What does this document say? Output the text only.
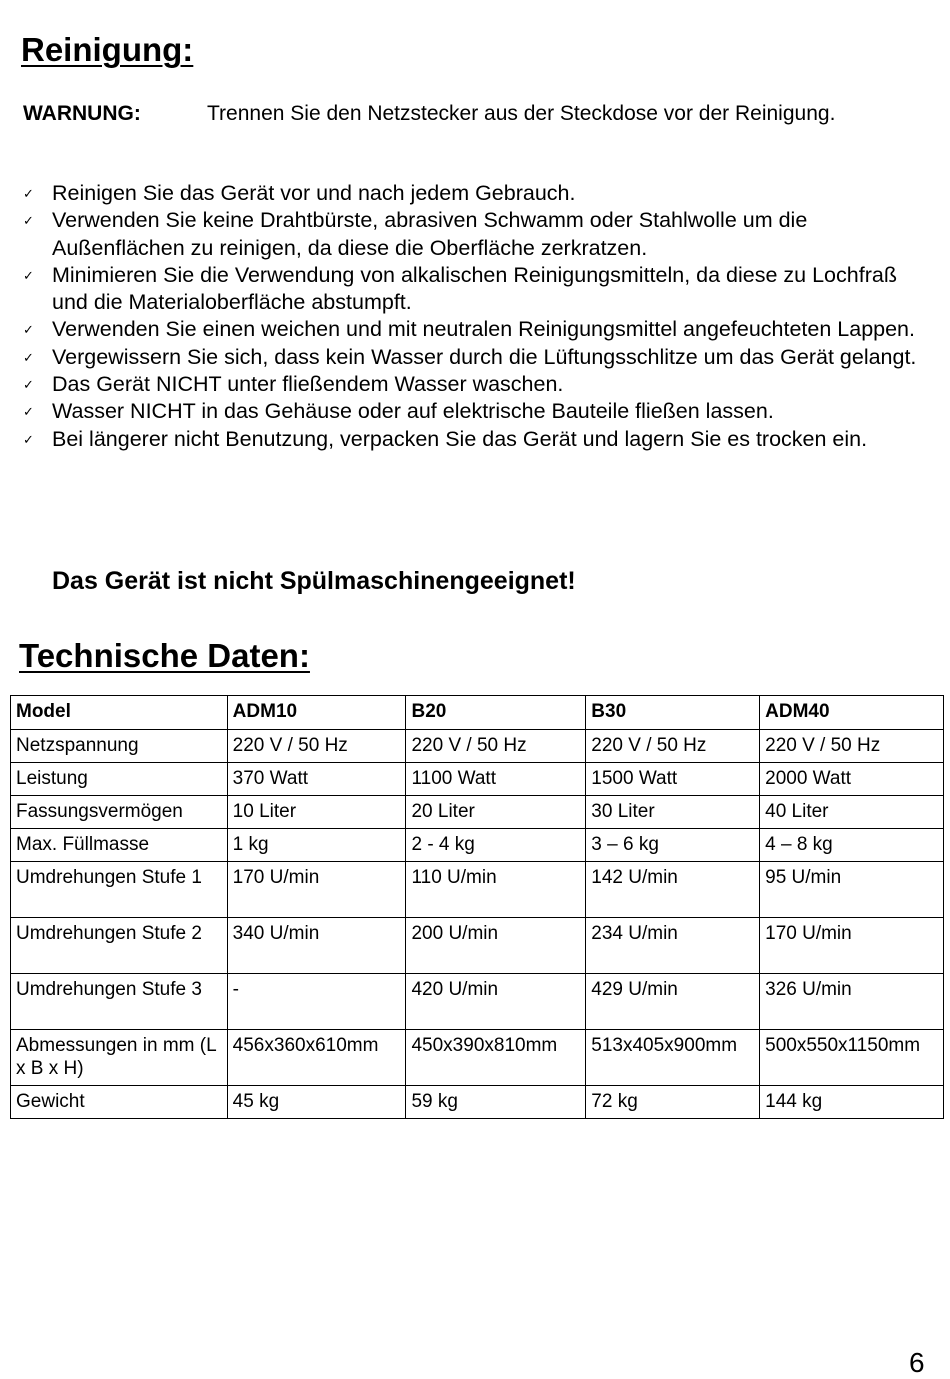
Reinigung:
WARNUNG:	Trennen Sie den Netzstecker aus der Steckdose vor der Reinigung.
✓ Reinigen Sie das Gerät vor und nach jedem Gebrauch.
✓ Verwenden Sie keine Drahtbürste, abrasiven Schwamm oder Stahlwolle um die Außenflächen zu reinigen, da diese die Oberfläche zerkratzen.
✓ Minimieren Sie die Verwendung von alkalischen Reinigungsmitteln, da diese zu Lochfraß und die Materialoberfläche abstumpft.
✓ Verwenden Sie einen weichen und mit neutralen Reinigungsmittel angefeuchteten Lappen.
✓ Vergewissern Sie sich, dass kein Wasser durch die Lüftungsschlitze um das Gerät gelangt.
✓ Das Gerät NICHT unter fließendem Wasser waschen.
✓ Wasser NICHT in das Gehäuse oder auf elektrische Bauteile fließen lassen.
✓ Bei längerer nicht Benutzung, verpacken Sie das Gerät und lagern Sie es trocken ein.
Das Gerät ist nicht Spülmaschinengeeignet!
Technische Daten:
Model	ADM10	B20	B30	ADM40
Netzspannung	220 V / 50 Hz	220 V / 50 Hz	220 V / 50 Hz	220 V / 50 Hz
Leistung	370 Watt	1100 Watt	1500 Watt	2000 Watt
Fassungsvermögen	10 Liter	20 Liter	30 Liter	40 Liter
Max. Füllmasse	1 kg	2 - 4 kg	3 – 6 kg	4 – 8 kg
Umdrehungen Stufe 1	170 U/min	110 U/min	142 U/min	95 U/min
Umdrehungen Stufe 2	340 U/min	200 U/min	234 U/min	170 U/min
Umdrehungen Stufe 3	-	420 U/min	429 U/min	326 U/min
Abmessungen in mm (L x B x H)	456x360x610mm	450x390x810mm	513x405x900mm	500x550x1150mm
Gewicht	45 kg	59 kg	72 kg	144 kg
6
